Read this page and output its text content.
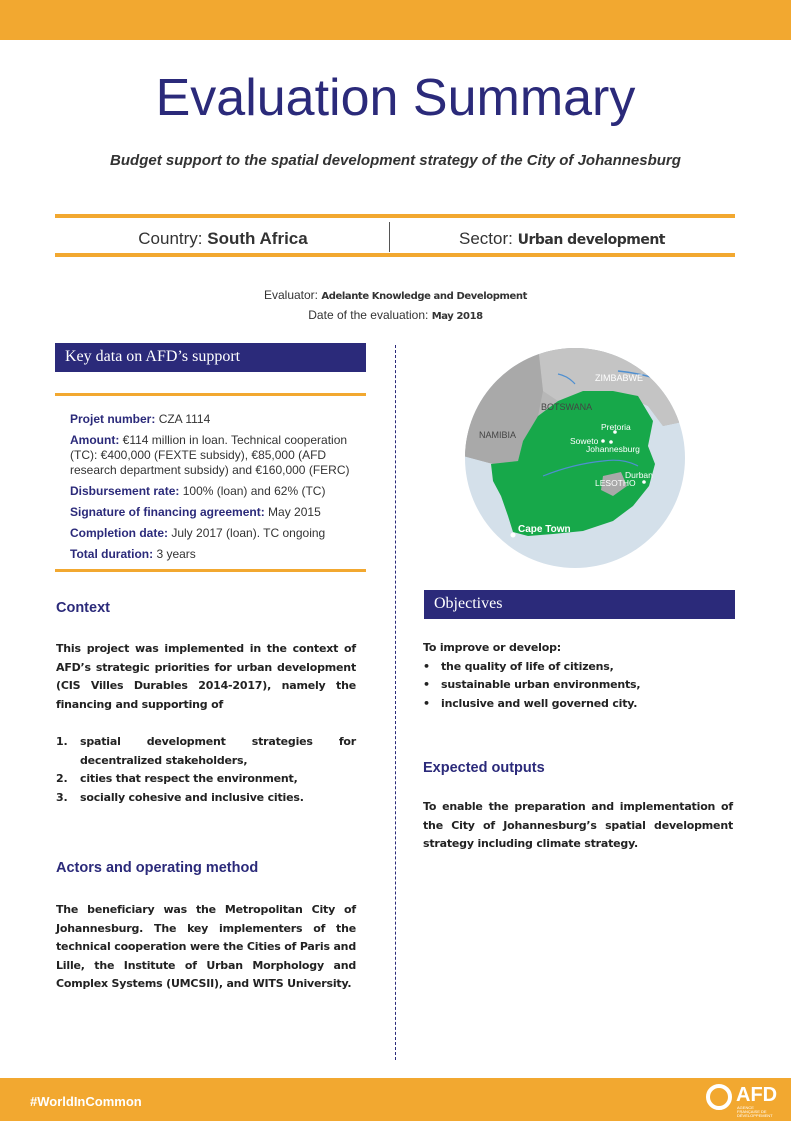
Evaluation Summary
Budget support to the spatial development strategy of the City of Johannesburg
Country: South Africa	Sector: Urban development
Evaluator: Adelante Knowledge and Development
Date of the evaluation: May 2018
Key data on AFD’s support

Projet number: CZA 1114

Amount: €114 million in loan. Technical cooperation (TC): €400,000 (FEXTE subsidy), €85,000 (AFD research department subsidy) and €160,000 (FERC)

Disbursement rate: 100% (loan) and 62% (TC)

Signature of financing agreement: May 2015

Completion date: July 2017 (loan). TC ongoing

Total duration: 3 years

ZIMBABWE
BOTSWANA
NAMIBIA
Pretoria
Soweto
Johannesburg
LESOTHO
Durban
Cape Town
Context
This project was implemented in the context of AFD’s strategic priorities for urban development (CIS Villes Durables 2014-2017), namely the financing and supporting of
1. spatial development strategies for decentralized stakeholders,
2. cities that respect the environment,
3. socially cohesive and inclusive cities.
Actors and operating method
The beneficiary was the Metropolitan City of Johannesburg. The key implementers of the technical cooperation were the Cities of Paris and Lille, the Institute of Urban Morphology and Complex Systems (UMCSII), and WITS University.
Objectives
To improve or develop:
• the quality of life of citizens,
• sustainable urban environments,
• inclusive and well governed city.
Expected outputs
To enable the preparation and implementation of the City of Johannesburg’s spatial development strategy including climate strategy.
#WorldInCommon	AFD
AGENCE FRANÇAISE DE DÉVELOPPEMENT
